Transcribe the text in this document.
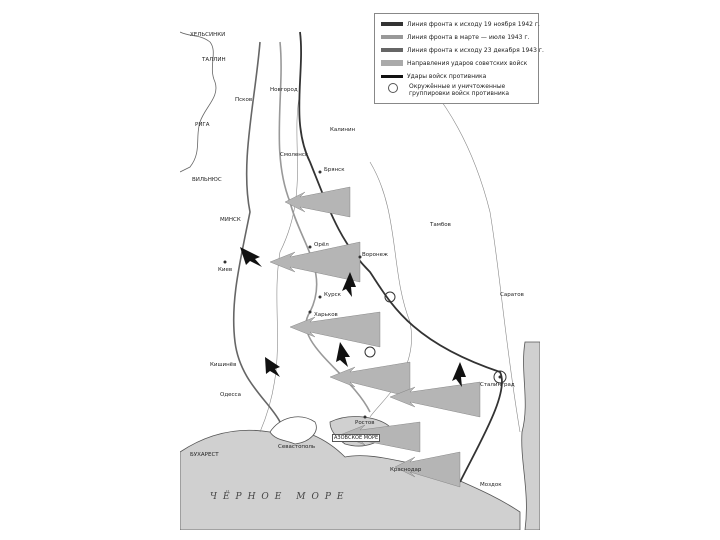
Линия фронта к исходу 19 ноября 1942 г.
Линия фронта в марте — июле 1943 г.
Линия фронта к исходу 23 декабря 1943 г.
Направления ударов советских войск
Удары войск противника
Окружённые и уничтоженные группировки войск противника
ХЕЛЬСИНКИ
ТАЛЛИН
РИГА
ВИЛЬНЮС
МИНСК
Киев
Харьков
Воронеж
Сталинград
Ростов
Курск
Орёл
Брянск
Смоленск
Калинин
Новгород
Псков
Тамбов
Саратов
Краснодар
Одесса
БУХАРЕСТ
Кишинёв
Севастополь
Моздок
ЧЁРНОЕ МОРЕ
АЗОВСКОЕ МОРЕ
